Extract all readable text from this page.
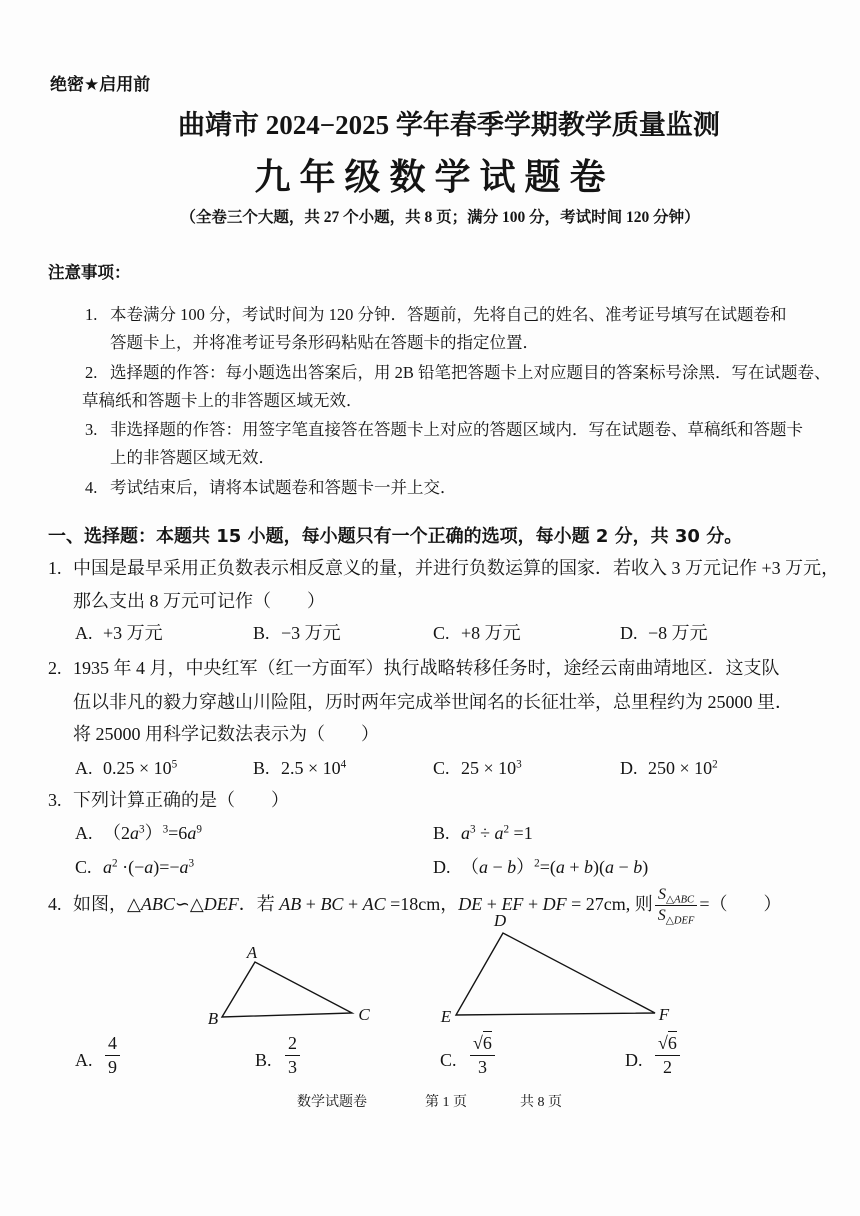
绝密★启用前
曲靖市 2024−2025 学年春季学期教学质量监测
九年级数学试题卷
（全卷三个大题，共 27 个小题，共 8 页；满分 100 分，考试时间 120 分钟）
注意事项：
1. 本卷满分 100 分，考试时间为 120 分钟．答题前，先将自己的姓名、准考证号填写在试题卷和
答题卡上，并将准考证号条形码粘贴在答题卡的指定位置．
2. 选择题的作答：每小题选出答案后，用 2B 铅笔把答题卡上对应题目的答案标号涂黑．写在试题卷、
草稿纸和答题卡上的非答题区域无效．
3. 非选择题的作答：用签字笔直接答在答题卡上对应的答题区域内．写在试题卷、草稿纸和答题卡
上的非答题区域无效．
4. 考试结束后，请将本试题卷和答题卡一并上交．
一、选择题：本题共 15 小题，每小题只有一个正确的选项，每小题 2 分，共 30 分。
1. 中国是最早采用正负数表示相反意义的量，并进行负数运算的国家．若收入 3 万元记作 +3 万元，
那么支出 8 万元可记作（　　）
A. +3 万元	B. −3 万元	C. +8 万元	D. −8 万元
2. 1935 年 4 月，中央红军（红一方面军）执行战略转移任务时，途经云南曲靖地区．这支队
伍以非凡的毅力穿越山川险阻，历时两年完成举世闻名的长征壮举，总里程约为 25000 里．
将 25000 用科学记数法表示为（　　）
A. $0.25 \times 10^5$	B. $2.5 \times 10^4$	C. $25 \times 10^3$	D. $250 \times 10^2$
3. 下列计算正确的是（　　）
A. $(2a^3)^3=6a^9$	B. $a^3 \div a^2 =1$
C. $a^2 \cdot(-a)=-a^3$	D. $(a - b)^2=(a + b)(a - b)$
4. 如图，△ABC∽△DEF．若 AB + BC + AC =18cm，DE + EF + DF = 27cm, 则 $\frac{S_{\triangle ABC}}{S_{\triangle DEF}}$ =（　　）
A
B	C
D
E	F
A. $\frac{4}{9}$	B. $\frac{2}{3}$	C. $\frac{√6}{3}$	D. $\frac{√6}{2}$
数学试题卷	第 1 页	共 8 页
